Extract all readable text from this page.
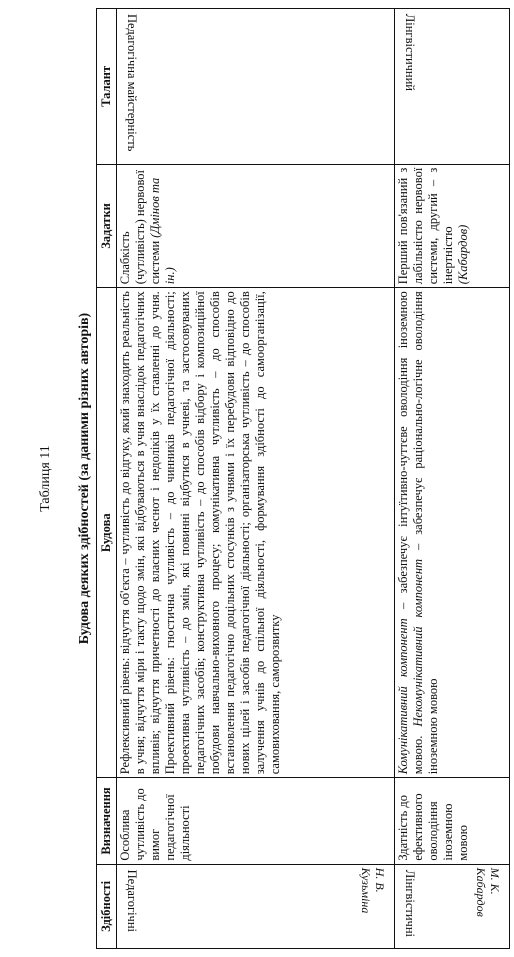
Таблиця 11 Будова деяких здібностей (за даними різних авторів)
Здібності	Визначення	Будова	Задатки	Талант

Педагогічні Н. В. Кузьміна	Особлива чутливість до вимог педагогічної діяльності	Рефлексивний рівень: відчуття об'єкта – чутливість до відгуку, який знаходить реальність в учня; відчуття міри і такту щодо змін, які відбуваються в учня внаслідок педагогічних впливів; відчуття причетності до власних чеснот і недоліків у їх ставленні до учня. Проективний рівень: гностична чутливість – до чинників педагогічної діяльності; проективна чутливість – до змін, які повинні відбутися в учневі, та застосовуваних педагогічних засобів; конструктивна чутливість – до способів відбору і композиційної побудови навчально-виховного процесу; комунікативна чутливість – до способів встановлення педагогічно доцільних стосунків з учнями і їх перебудови відповідно до нових цілей і засобів педагогічної діяльності; організаторська чутливість – до способів залучення учнів до спільної діяльності, формування здібності до самоорганізації, самовиховання, саморозвитку	Слабкість (чутливість) нервової системи (Дмінов та ін.)	Педагогічна майстерність

Лінгвістичні М. К. Кабардов	Здатність до ефективного оволодіння іноземною мовою	Комунікативний компонент – забезпечує інтуїтивно-чуттєве оволодіння іноземною мовою. Некомунікативний компонент – забезпечує раціонально-логічне оволодіння іноземною мовою	Перший пов'язаний з лабільністю нервової системи, другий – з інертністю (Кабардов)	Лінгвістичний
